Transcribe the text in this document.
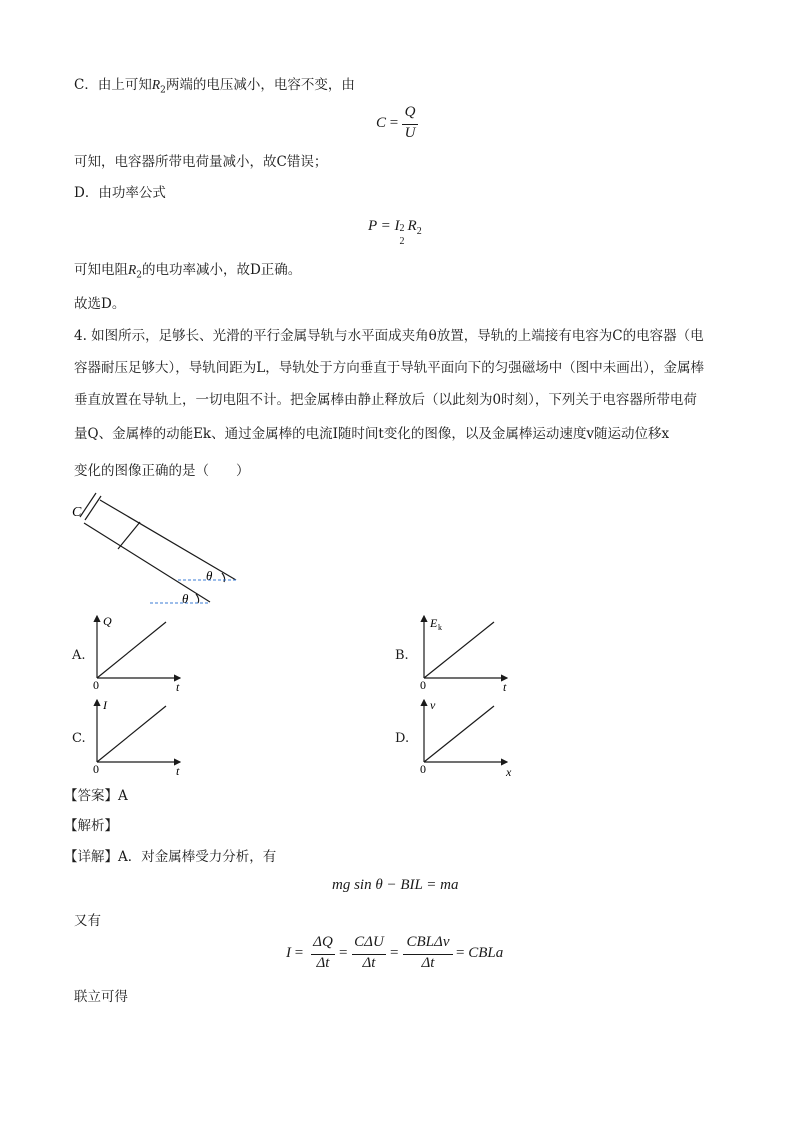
C．由上可知$R_2$两端的电压减小，电容不变，由
C =
Q
U
可知，电容器所带电荷量减小，故C错误；
D．由功率公式
P = I 2
2
$R_2$
可知电阻$R_2$的电功率减小，故D正确。
故选D。
4. 如图所示，足够长、光滑的平行金属导轨与水平面成夹角θ放置，导轨的上端接有电容为C的电容器（电
容器耐压足够大），导轨间距为L，导轨处于方向垂直于导轨平面向下的匀强磁场中（图中未画出），金属棒
垂直放置在导轨上，一切电阻不计。把金属棒由静止释放后（以此刻为0时刻），下列关于电容器所带电荷
量Q、金属棒的动能Ek、通过金属棒的电流I随时间t变化的图像，以及金属棒运动速度v随运动位移x
变化的图像正确的是（　　）
C
θ
θ
A.	B.
C.	D.
Q
t
0
E k
t
0
I
t
0
v
x
0
【答案】A
【解析】
【详解】A．对金属棒受力分析，有
mg sin θ − BIL = ma
又有
I =
ΔQ
Δt
=
CΔU
Δt
=
CBLΔv
Δt
= CBLa
联立可得
